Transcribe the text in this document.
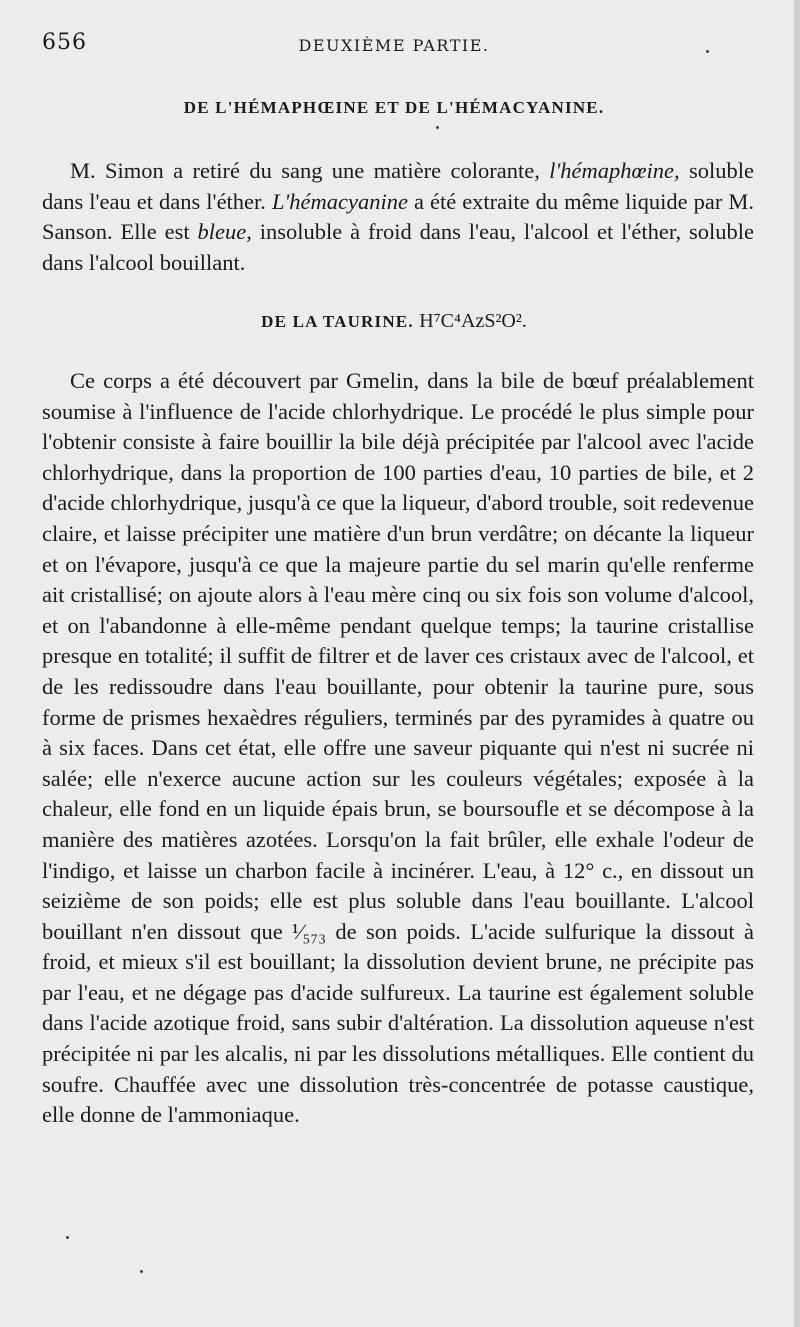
656	DEUXIÈME PARTIE.
DE L'HÉMAPHŒINE ET DE L'HÉMACYANINE.

M. Simon a retiré du sang une matière colorante, l'hémaphœine, soluble dans l'eau et dans l'éther. L'hémacyanine a été extraite du même liquide par M. Sanson. Elle est bleue, insoluble à froid dans l'eau, l'alcool et l'éther, soluble dans l'alcool bouillant.

DE LA TAURINE. H⁷C⁴AzS²O².

Ce corps a été découvert par Gmelin, dans la bile de bœuf préalablement soumise à l'influence de l'acide chlorhydrique. Le procédé le plus simple pour l'obtenir consiste à faire bouillir la bile déjà précipitée par l'alcool avec l'acide chlorhydrique, dans la proportion de 100 parties d'eau, 10 parties de bile, et 2 d'acide chlorhydrique, jusqu'à ce que la liqueur, d'abord trouble, soit redevenue claire, et laisse précipiter une matière d'un brun verdâtre; on décante la liqueur et on l'évapore, jusqu'à ce que la majeure partie du sel marin qu'elle renferme ait cristallisé; on ajoute alors à l'eau mère cinq ou six fois son volume d'alcool, et on l'abandonne à elle-même pendant quelque temps; la taurine cristallise presque en totalité; il suffit de filtrer et de laver ces cristaux avec de l'alcool, et de les redissoudre dans l'eau bouillante, pour obtenir la taurine pure, sous forme de prismes hexaèdres réguliers, terminés par des pyramides à quatre ou à six faces. Dans cet état, elle offre une saveur piquante qui n'est ni sucrée ni salée; elle n'exerce aucune action sur les couleurs végétales; exposée à la chaleur, elle fond en un liquide épais brun, se boursoufle et se décompose à la manière des matières azotées. Lorsqu'on la fait brûler, elle exhale l'odeur de l'indigo, et laisse un charbon facile à incinérer. L'eau, à 12° c., en dissout un seizième de son poids; elle est plus soluble dans l'eau bouillante. L'alcool bouillant n'en dissout que ¹⁄₅₇₃ de son poids. L'acide sulfurique la dissout à froid, et mieux s'il est bouillant; la dissolution devient brune, ne précipite pas par l'eau, et ne dégage pas d'acide sulfureux. La taurine est également soluble dans l'acide azotique froid, sans subir d'altération. La dissolution aqueuse n'est précipitée ni par les alcalis, ni par les dissolutions métalliques. Elle contient du soufre. Chauffée avec une dissolution très-concentrée de potasse caustique, elle donne de l'ammoniaque.
